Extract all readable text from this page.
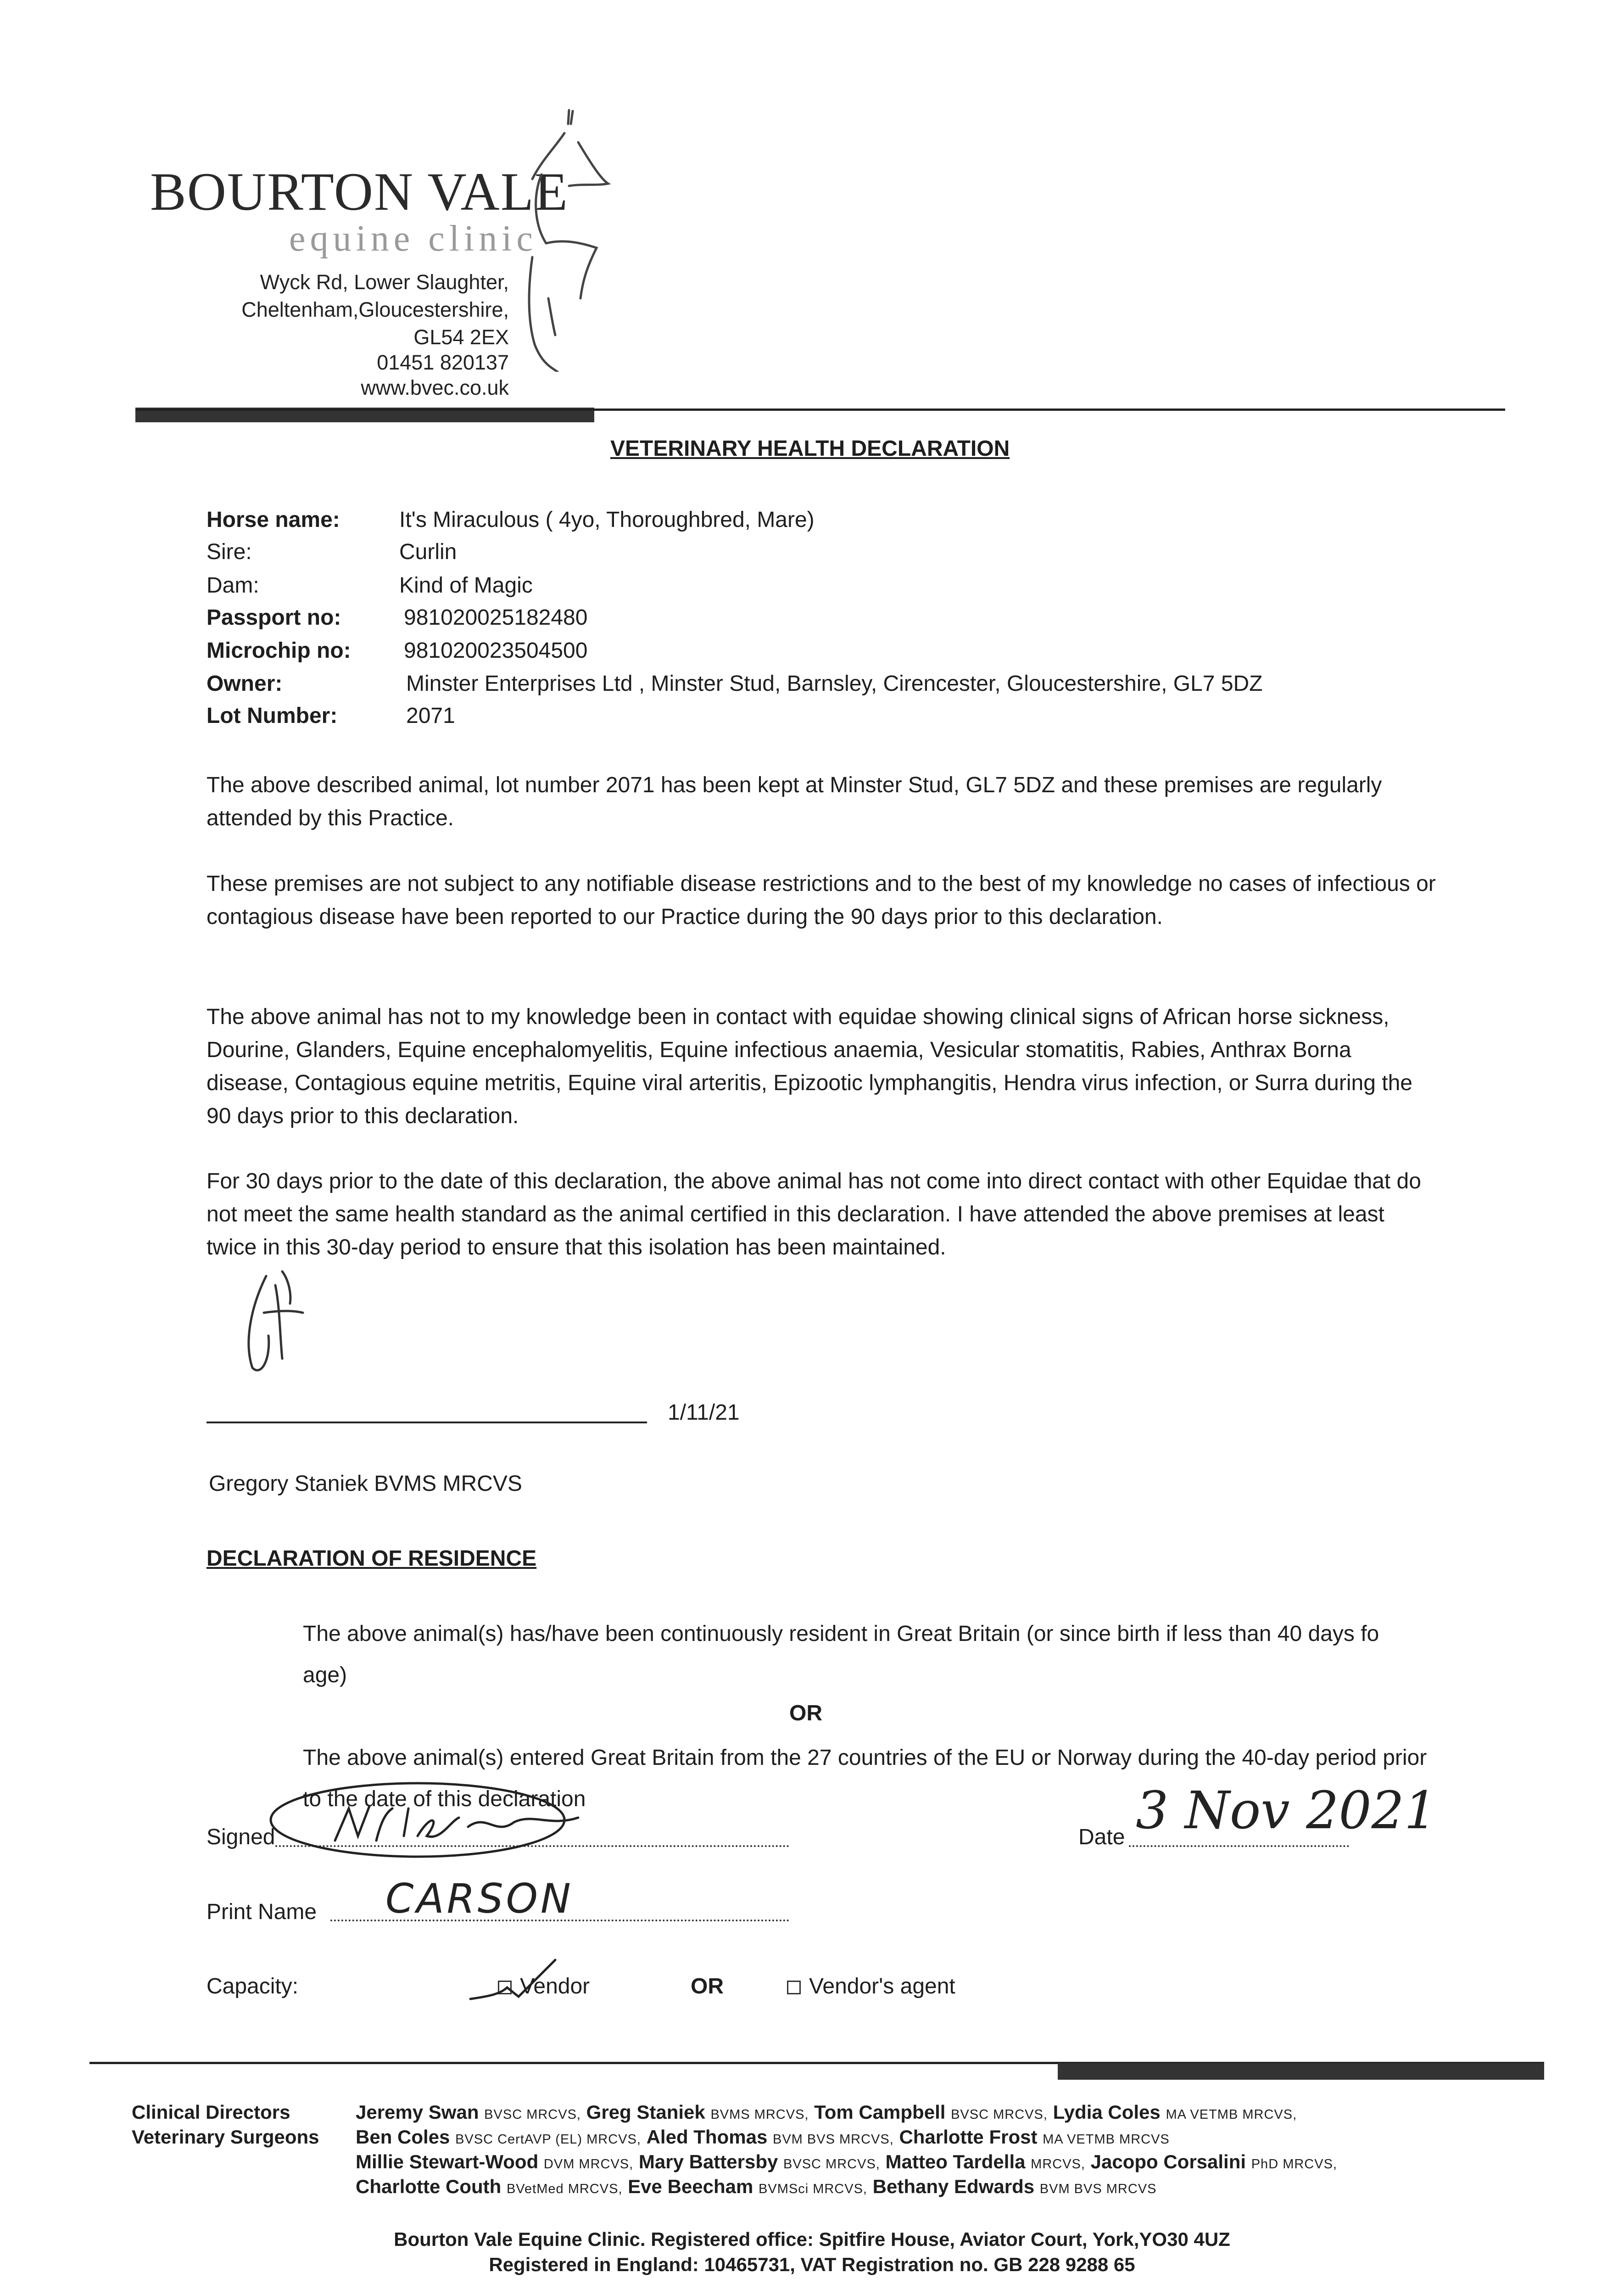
BOURTON VALE
equine clinic
Wyck Rd, Lower Slaughter,
Cheltenham,Gloucestershire,
GL54 2EX
01451 820137
www.bvec.co.uk
VETERINARY HEALTH DECLARATION
Horse name:	It's Miraculous ( 4yo, Thoroughbred, Mare)
Sire:	Curlin
Dam:	Kind of Magic
Passport no:	981020025182480
Microchip no: 981020023504500
Owner:	Minster Enterprises Ltd , Minster Stud, Barnsley, Cirencester, Gloucestershire, GL7 5DZ
Lot Number:	2071
The above described animal, lot number 2071 has been kept at Minster Stud, GL7 5DZ and these premises are regularly attended by this Practice.
These premises are not subject to any notifiable disease restrictions and to the best of my knowledge no cases of infectious or contagious disease have been reported to our Practice during the 90 days prior to this declaration.
The above animal has not to my knowledge been in contact with equidae showing clinical signs of African horse sickness, Dourine, Glanders, Equine encephalomyelitis, Equine infectious anaemia, Vesicular stomatitis, Rabies, Anthrax Borna disease, Contagious equine metritis, Equine viral arteritis, Epizootic lymphangitis, Hendra virus infection, or Surra during the 90 days prior to this declaration.
For 30 days prior to the date of this declaration, the above animal has not come into direct contact with other Equidae that do not meet the same health standard as the animal certified in this declaration. I have attended the above premises at least twice in this 30-day period to ensure that this isolation has been maintained.
1/11/21
Gregory Staniek BVMS MRCVS
DECLARATION OF RESIDENCE
The above animal(s) has/have been continuously resident in Great Britain (or since birth if less than 40 days fo age)
OR
The above animal(s) entered Great Britain from the 27 countries of the EU or Norway during the 40-day period prior to the date of this declaration
Signed	Date 3 Nov 2021
Print Name CARSON
Capacity:	Vendor	OR	Vendor's agent
Clinical Directors
Veterinary Surgeons
Jeremy Swan BVSC MRCVS, Greg Staniek BVMS MRCVS, Tom Campbell BVSC MRCVS, Lydia Coles MA VETMB MRCVS,
Ben Coles BVSC CertAVP (EL) MRCVS, Aled Thomas BVM BVS MRCVS, Charlotte Frost MA VETMB MRCVS
Millie Stewart-Wood DVM MRCVS, Mary Battersby BVSC MRCVS, Matteo Tardella MRCVS, Jacopo Corsalini PhD MRCVS,
Charlotte Couth BVetMed MRCVS, Eve Beecham BVMSci MRCVS, Bethany Edwards BVM BVS MRCVS
Bourton Vale Equine Clinic. Registered office: Spitfire House, Aviator Court, York,YO30 4UZ
Registered in England: 10465731, VAT Registration no. GB 228 9288 65
